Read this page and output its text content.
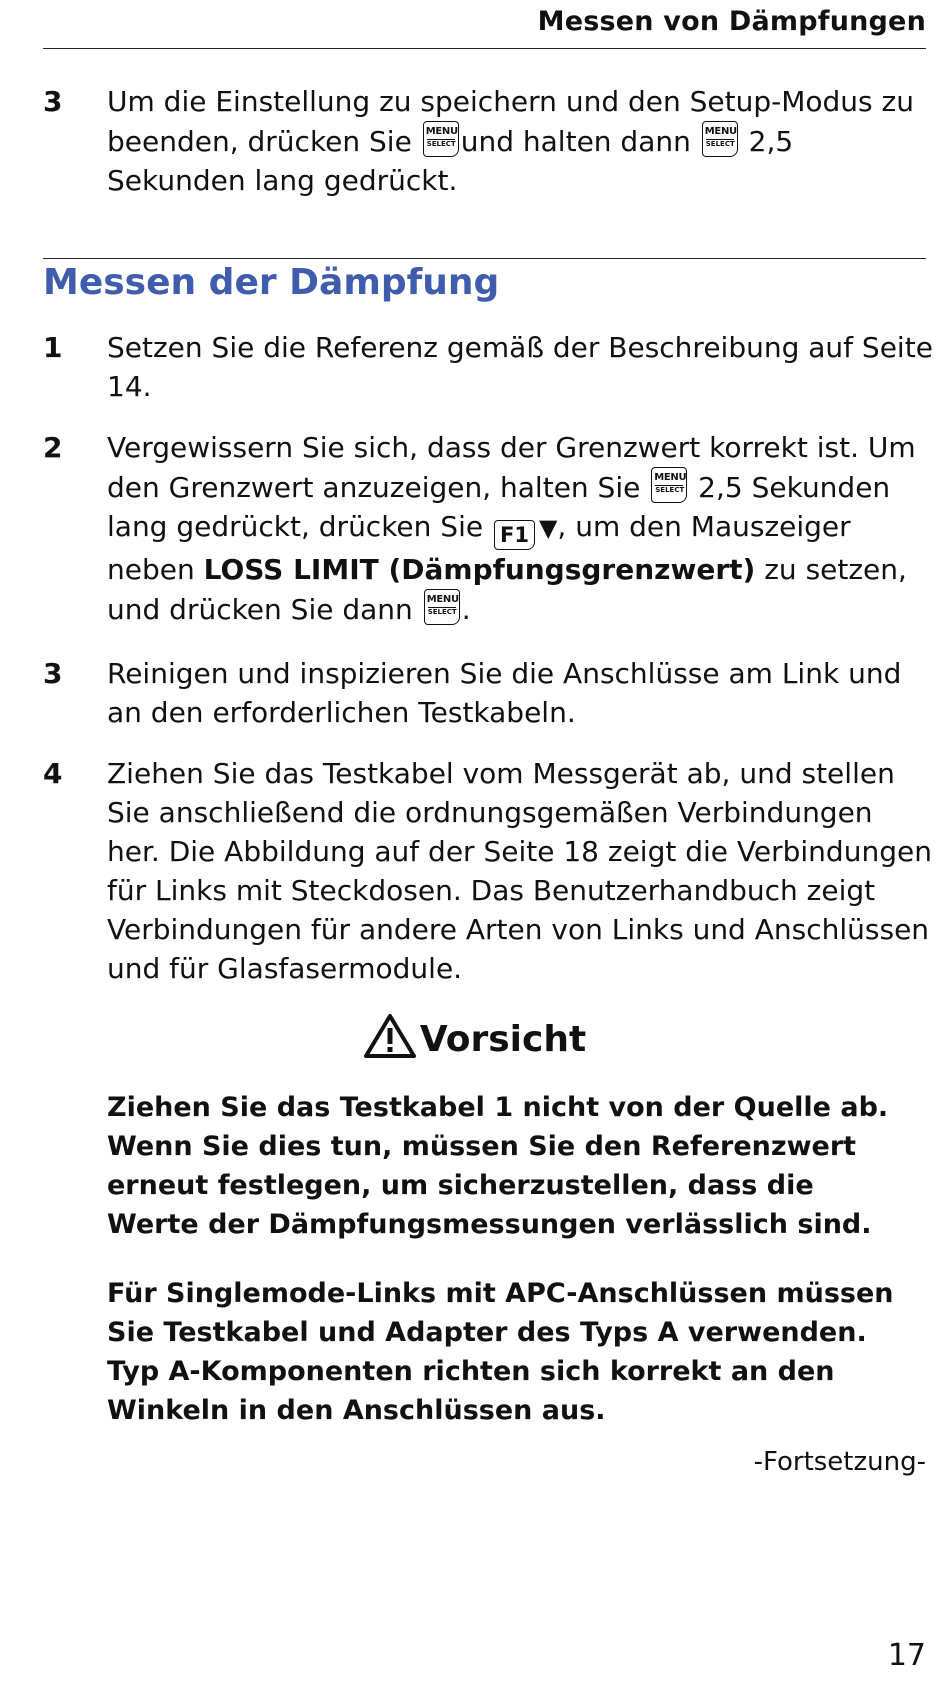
Messen von Dämpfungen
3	Um die Einstellung zu speichern und den Setup-Modus zu beenden, drücken Sie MENU
SELECT und halten dann MENU
SELECT 2,5 Sekunden lang gedrückt.
Messen der Dämpfung
1	Setzen Sie die Referenz gemäß der Beschreibung auf Seite 14.
2	Vergewissern Sie sich, dass der Grenzwert korrekt ist. Um den Grenzwert anzuzeigen, halten Sie MENU
SELECT 2,5 Sekunden lang gedrückt, drücken Sie F1 ▼, um den Mauszeiger neben LOSS LIMIT (Dämpfungsgrenzwert) zu setzen, und drücken Sie dann MENU
SELECT .
3	Reinigen und inspizieren Sie die Anschlüsse am Link und an den erforderlichen Testkabeln.
4	Ziehen Sie das Testkabel vom Messgerät ab, und stellen Sie anschließend die ordnungsgemäßen Verbindungen her. Die Abbildung auf der Seite 18 zeigt die Verbindungen für Links mit Steckdosen. Das Benutzerhandbuch zeigt Verbindungen für andere Arten von Links und Anschlüssen und für Glasfasermodule.
Vorsicht
Ziehen Sie das Testkabel 1 nicht von der Quelle ab. Wenn Sie dies tun, müssen Sie den Referenzwert erneut festlegen, um sicherzustellen, dass die Werte der Dämpfungsmessungen verlässlich sind.
Für Singlemode-Links mit APC-Anschlüssen müssen Sie Testkabel und Adapter des Typs A verwenden. Typ A-Komponenten richten sich korrekt an den Winkeln in den Anschlüssen aus.
-Fortsetzung-
17
